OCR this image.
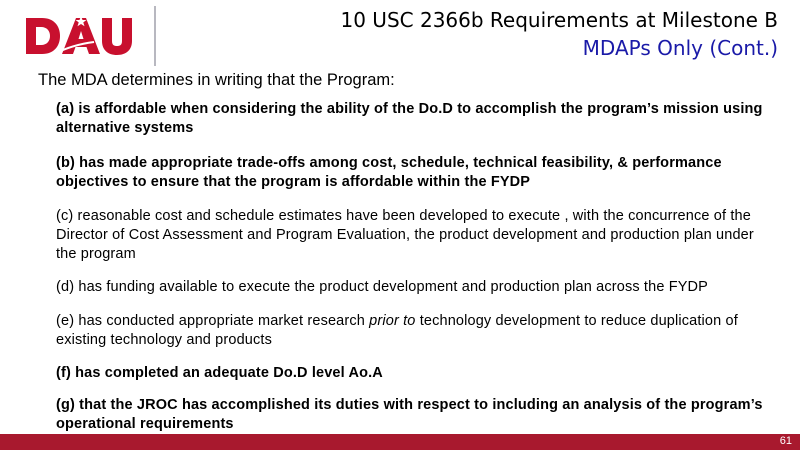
10 USC 2366b Requirements at Milestone B
MDAPs Only (Cont.)
The MDA determines in writing that the Program:
(a) is affordable when considering the ability of the Do.D to accomplish the program’s mission using alternative systems
(b) has made appropriate trade-offs among cost, schedule, technical feasibility, & performance objectives to ensure that the program is affordable within the FYDP
(c) reasonable cost and schedule estimates have been developed to execute , with the concurrence of the Director of Cost Assessment and Program Evaluation, the product development and production plan under the program
(d) has funding available to execute the product development and production plan across the FYDP
(e) has conducted appropriate market research prior to technology development to reduce duplication of existing technology and products
(f) has completed an adequate Do.D level Ao.A
(g) that the JROC has accomplished its duties with respect to including an analysis of the program’s operational requirements
61
